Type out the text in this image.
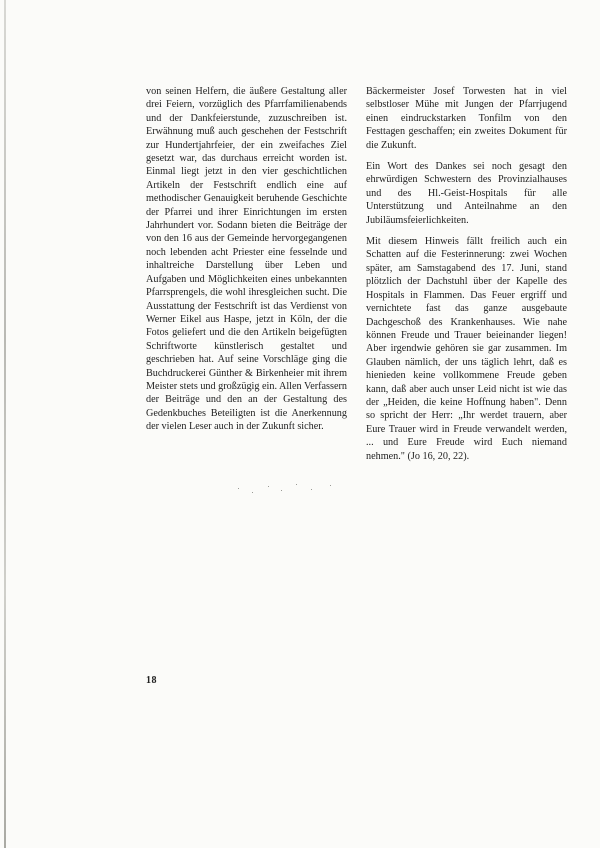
von seinen Helfern, die äußere Gestaltung aller drei Feiern, vorzüglich des Pfarrfamilienabends und der Dankfeierstunde, zuzuschreiben ist. Erwähnung muß auch geschehen der Festschrift zur Hundertjahrfeier, der ein zweifaches Ziel gesetzt war, das durchaus erreicht worden ist. Einmal liegt jetzt in den vier geschichtlichen Artikeln der Festschrift endlich eine auf methodischer Genauigkeit beruhende Geschichte der Pfarrei und ihrer Einrichtungen im ersten Jahrhundert vor. Sodann bieten die Beiträge der von den 16 aus der Gemeinde hervorgegangenen noch lebenden acht Priester eine fesselnde und inhaltreiche Darstellung über Leben und Aufgaben und Möglichkeiten eines unbekannten Pfarrsprengels, die wohl ihresgleichen sucht. Die Ausstattung der Festschrift ist das Verdienst von Werner Eikel aus Haspe, jetzt in Köln, der die Fotos geliefert und die den Artikeln beigefügten Schriftworte künstlerisch gestaltet und geschrieben hat. Auf seine Vorschläge ging die Buchdruckerei Günther & Birkenheier mit ihrem Meister stets und großzügig ein. Allen Verfassern der Beiträge und den an der Gestaltung des Gedenkbuches Beteiligten ist die Anerkennung der vielen Leser auch in der Zukunft sicher.

Bäckermeister Josef Torwesten hat in viel selbstloser Mühe mit Jungen der Pfarrjugend einen eindruckstarken Tonfilm von den Festtagen geschaffen; ein zweites Dokument für die Zukunft.

Ein Wort des Dankes sei noch gesagt den ehrwürdigen Schwestern des Provinzialhauses und des Hl.-Geist-Hospitals für alle Unterstützung und Anteilnahme an den Jubiläumsfeierlichkeiten.

Mit diesem Hinweis fällt freilich auch ein Schatten auf die Festerinnerung: zwei Wochen später, am Samstagabend des 17. Juni, stand plötzlich der Dachstuhl über der Kapelle des Hospitals in Flammen. Das Feuer ergriff und vernichtete fast das ganze ausgebaute Dachgeschoß des Krankenhauses. Wie nahe können Freude und Trauer beieinander liegen! Aber irgendwie gehören sie gar zusammen. Im Glauben nämlich, der uns täglich lehrt, daß es hienieden keine vollkommene Freude geben kann, daß aber auch unser Leid nicht ist wie das der „Heiden, die keine Hoffnung haben". Denn so spricht der Herr: „Ihr werdet trauern, aber Eure Trauer wird in Freude verwandelt werden, ... und Eure Freude wird Euch niemand nehmen." (Jo 16, 20, 22).

18
